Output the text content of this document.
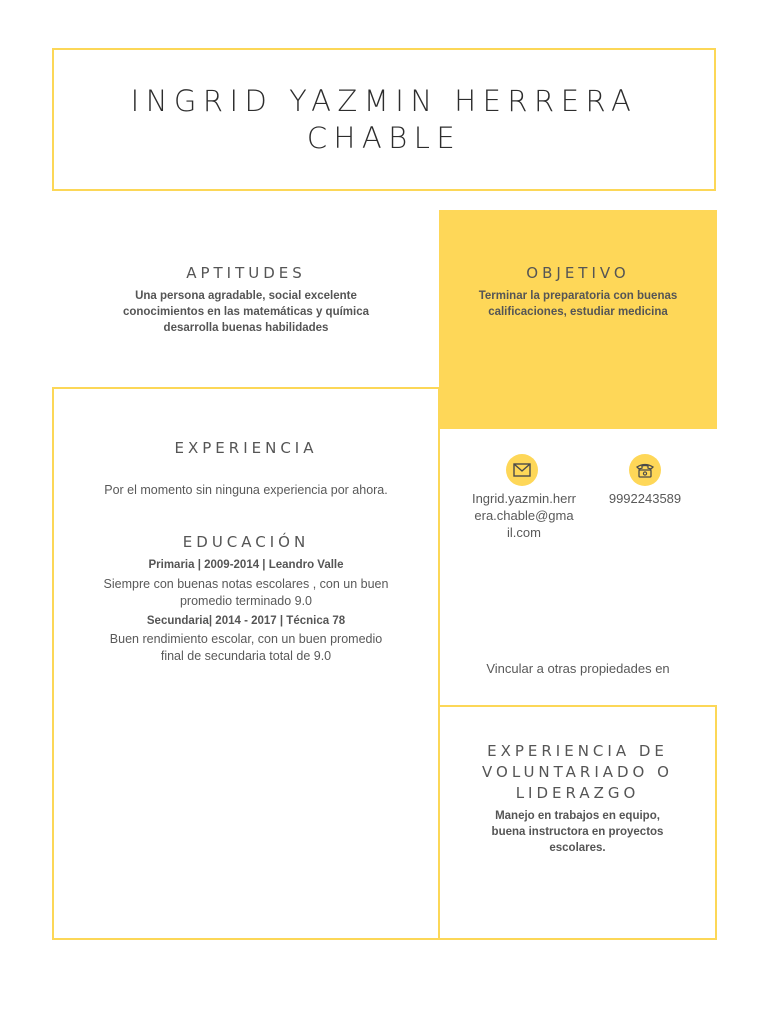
INGRID YAZMIN HERRERA
CHABLE
APTITUDES
Una persona agradable, social excelente
conocimientos en las matemáticas y química
desarrolla buenas habilidades
OBJETIVO
Terminar la preparatoria con buenas
calificaciones, estudiar medicina
EXPERIENCIA
Por el momento sin ninguna experiencia por ahora.
EDUCACIÓN
Primaria | 2009-2014 | Leandro Valle
Siempre con buenas notas escolares , con un buen
promedio terminado 9.0
Secundaria| 2014 - 2017 | Técnica 78
Buen rendimiento escolar, con un buen promedio
final de secundaria total de 9.0
Ingrid.yazmin.herr
era.chable@gma
il.com
9992243589
Vincular a otras propiedades en

EXPERIENCIA DE
VOLUNTARIADO O
LIDERAZGO
Manejo en trabajos en equipo,
buena instructora en proyectos
escolares.
